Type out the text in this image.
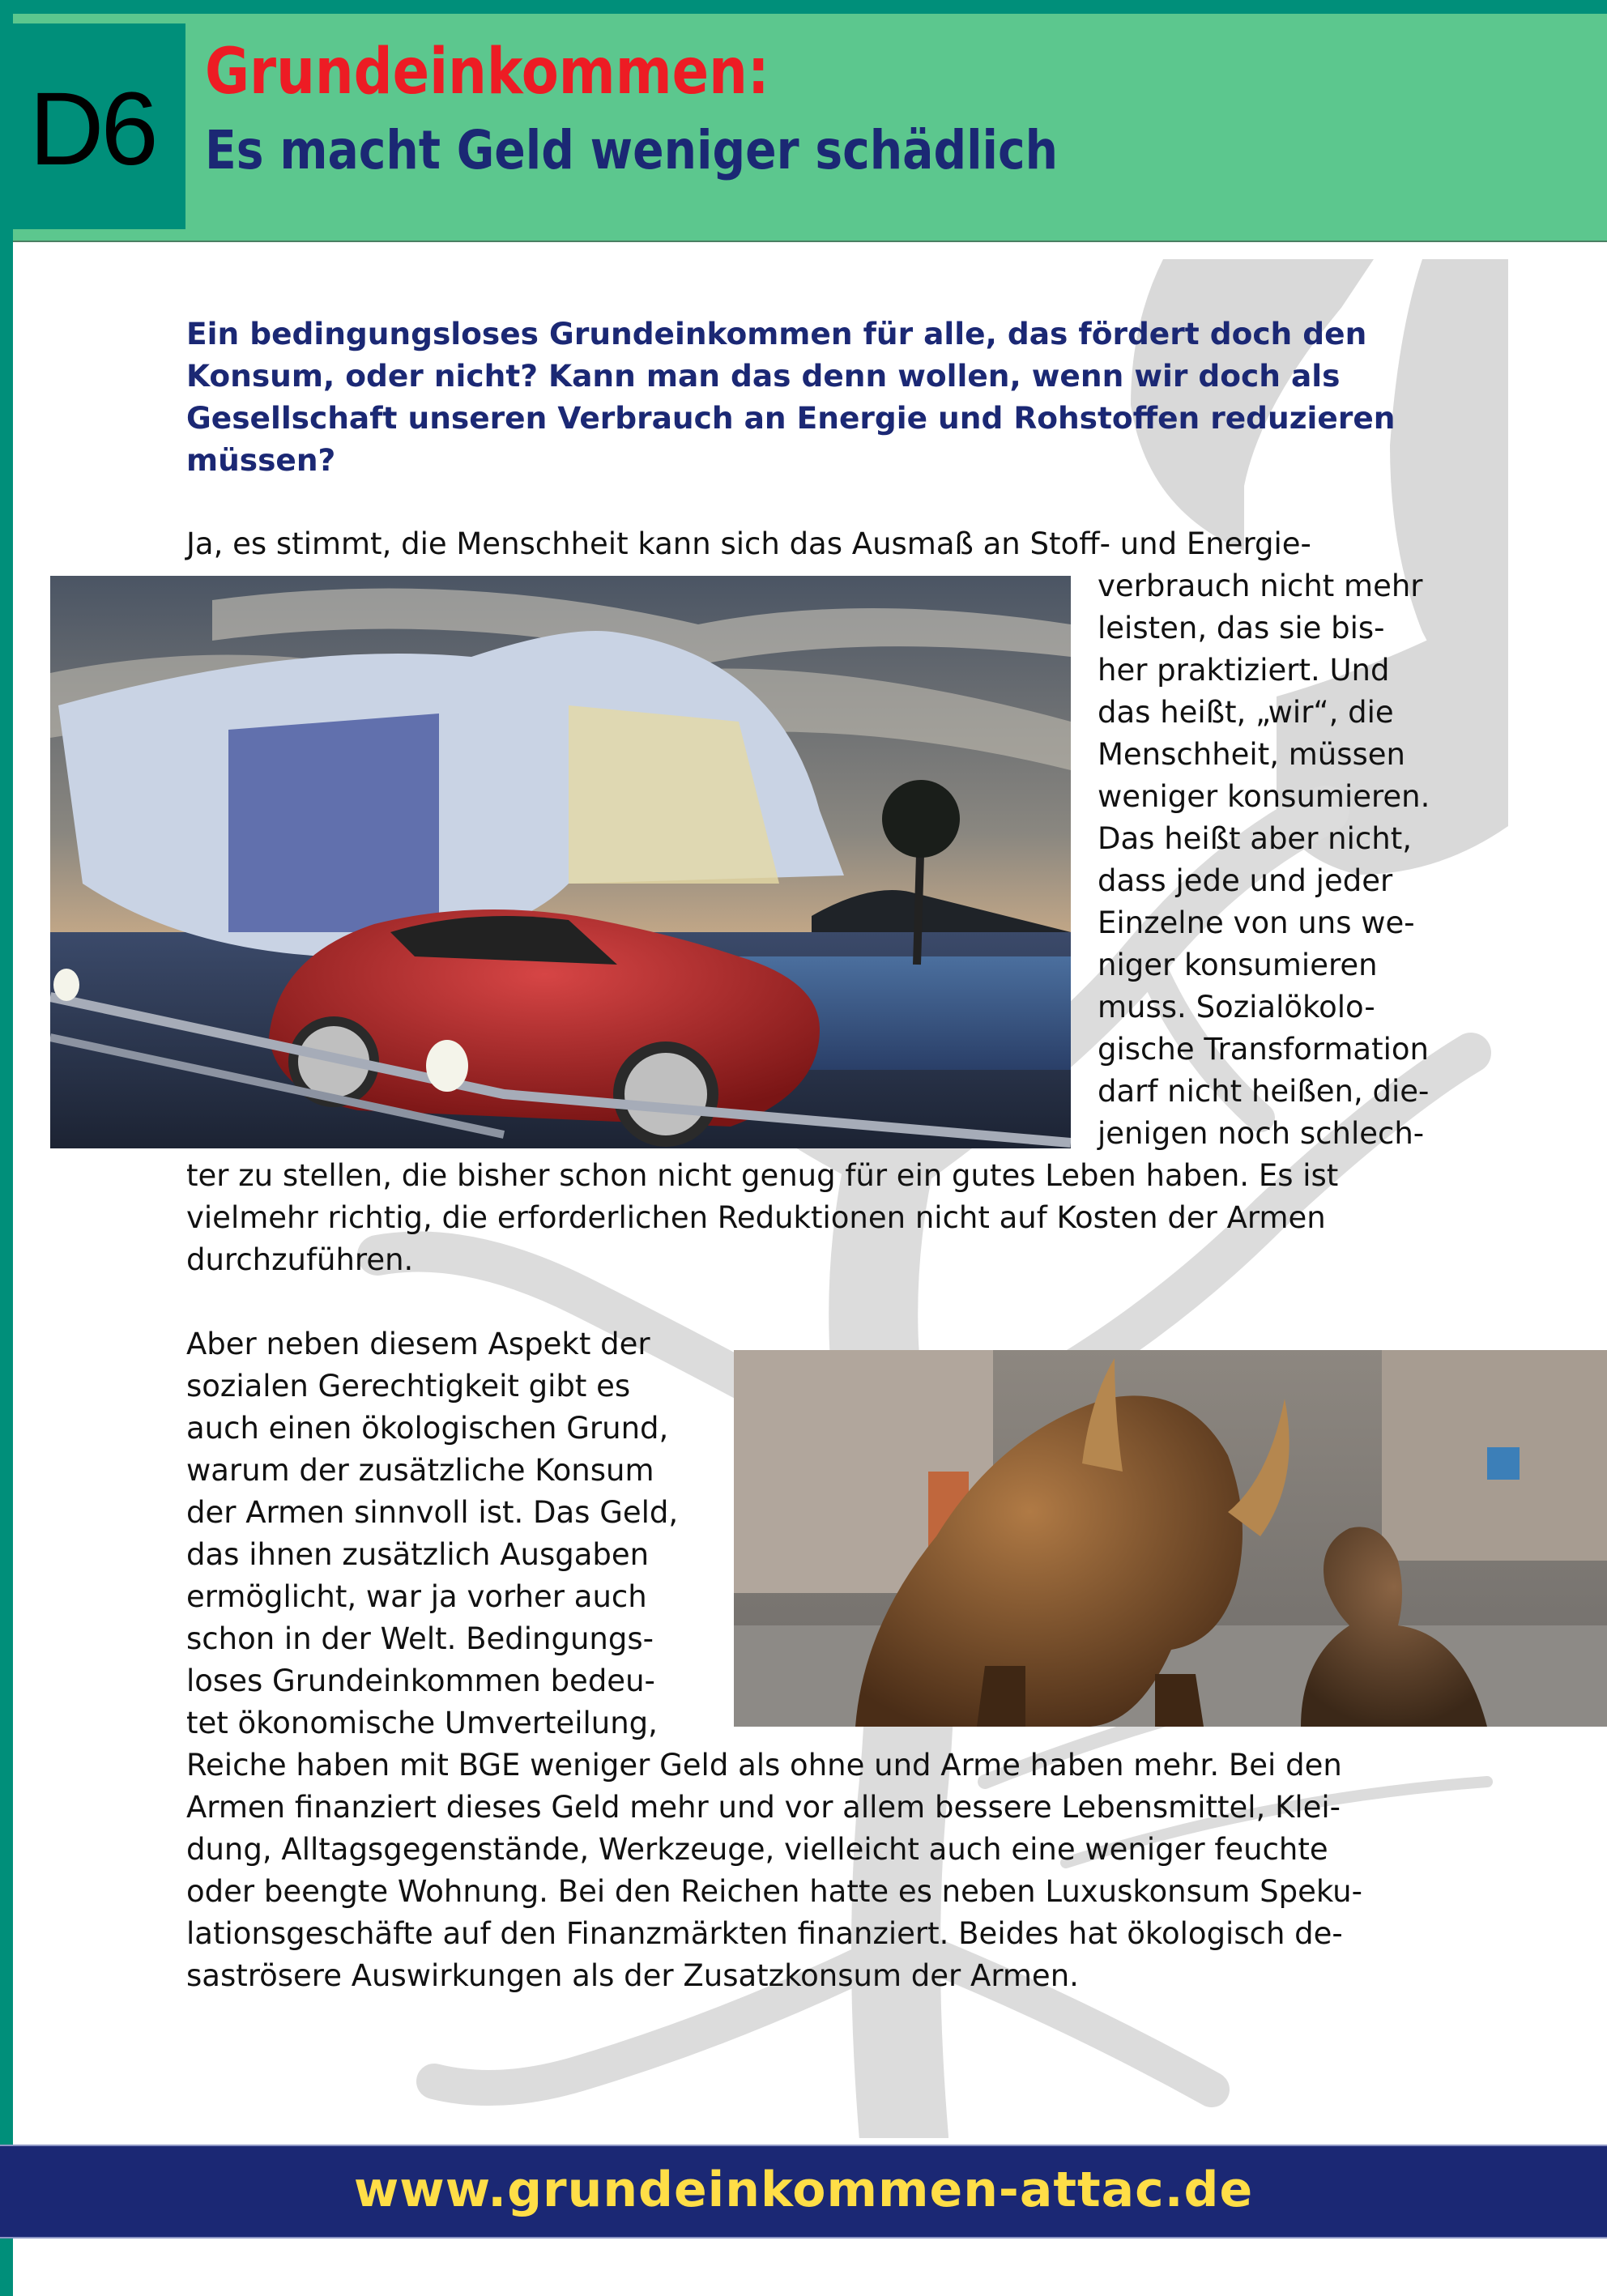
D6 Grundeinkommen:
Es macht Geld weniger schädlich
Ein bedingungsloses Grundeinkommen für alle, das fördert doch den
Konsum, oder nicht? Kann man das denn wollen, wenn wir doch als
Gesellschaft unseren Verbrauch an Energie und Rohstoffen reduzieren
müssen?
Ja, es stimmt, die Menschheit kann sich das Ausmaß an Stoff- und Energie-
verbrauch nicht mehr
leisten, das sie bis-
her praktiziert. Und
das heißt, „wir“, die
Menschheit, müssen
weniger konsumieren.
Das heißt aber nicht,
dass jede und jeder
Einzelne von uns we-
niger konsumieren
muss. Sozialökolo-
gische Transformation
darf nicht heißen, die-
jenigen noch schlech-
ter zu stellen, die bisher schon nicht genug für ein gutes Leben haben. Es ist
vielmehr richtig, die erforderlichen Reduktionen nicht auf Kosten der Armen
durchzuführen.
Aber neben diesem Aspekt der
sozialen Gerechtigkeit gibt es
auch einen ökologischen Grund,
warum der zusätzliche Konsum
der Armen sinnvoll ist. Das Geld,
das ihnen zusätzlich Ausgaben
ermöglicht, war ja vorher auch
schon in der Welt. Bedingungs-
loses Grundeinkommen bedeu-
tet ökonomische Umverteilung,
Reiche haben mit BGE weniger Geld als ohne und Arme haben mehr. Bei den
Armen finanziert dieses Geld mehr und vor allem bessere Lebensmittel, Klei-
dung, Alltagsgegenstände, Werkzeuge, vielleicht auch eine weniger feuchte
oder beengte Wohnung. Bei den Reichen hatte es neben Luxuskonsum Speku-
lationsgeschäfte auf den Finanzmärkten finanziert. Beides hat ökologisch de-
saströsere Auswirkungen als der Zusatzkonsum der Armen.
www.grundeinkommen-attac.de
